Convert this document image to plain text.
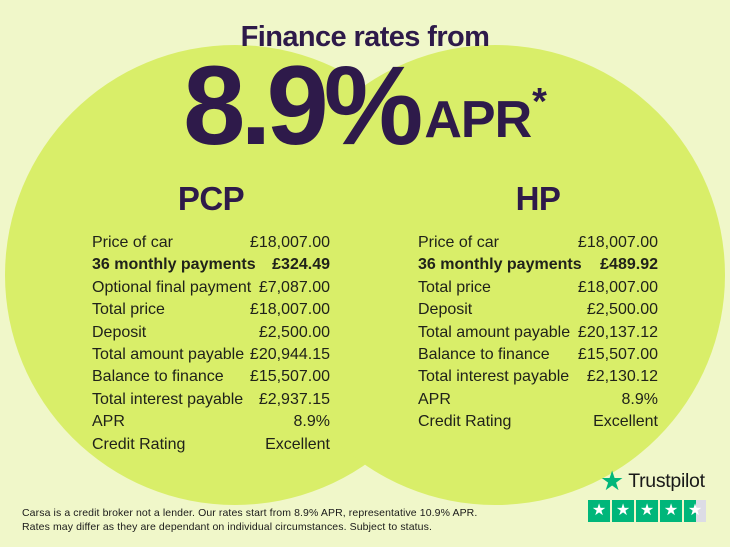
Finance rates from
8.9% APR *
PCP
Price of car	£18,007.00
36 monthly payments £324.49
Optional final payment £7,087.00
Total price	£18,007.00
Deposit	£2,500.00
Total amount payable £20,944.15
Balance to finance £15,507.00
Total interest payable £2,937.15
APR	8.9%
Credit Rating	Excellent
HP
Price of car	£18,007.00
36 monthly payments £489.92
Total price	£18,007.00
Deposit	£2,500.00
Total amount payable £20,137.12
Balance to finance £15,507.00
Total interest payable £2,130.12
APR	8.9%
Credit Rating	Excellent
Carsa is a credit broker not a lender. Our rates start from 8.9% APR, representative 10.9% APR.
Rates may differ as they are dependant on individual circumstances. Subject to status.
★ Trustpilot
★ ★ ★ ★ ★
